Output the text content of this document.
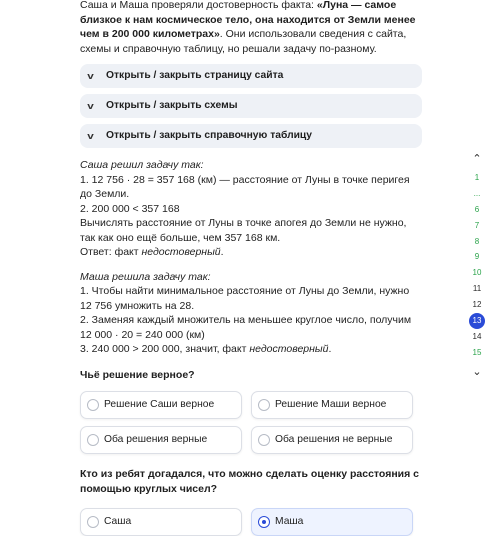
Саша и Маша проверяли достоверность факта: «Луна — самое близкое к нам космическое тело, она находится от Земли менее чем в 200 000 километрах». Они использовали сведения с сайта, схемы и справочную таблицу, но решали задачу по-разному.

v	Открыть / закрыть страницу сайта
v	Открыть / закрыть схемы
v	Открыть / закрыть справочную таблицу

Саша решил задачу так:

1. 12 756 · 28 = 357 168 (км) — расстояние от Луны в точке перигея до Земли.

2. 200 000 < 357 168

Вычислять расстояние от Луны в точке апогея до Земли не нужно, так как оно ещё больше, чем 357 168 км.

Ответ: факт недостоверный.

Маша решила задачу так:

1. Чтобы найти минимальное расстояние от Луны до Земли, нужно 12 756 умножить на 28.

2. Заменяя каждый множитель на меньшее круглое число, получим 12 000 · 20 = 240 000 (км)

3. 240 000 > 200 000, значит, факт недостоверный.

Чьё решение верное?

Решение Саши верное	Решение Маши верное
Оба решения верные	Оба решения не верные

Кто из ребят догадался, что можно сделать оценку расстояния с помощью круглых чисел?

Саша	Маша
⌃
1
...
6
7
8
9
10
11
12
13
14
15
⌄
